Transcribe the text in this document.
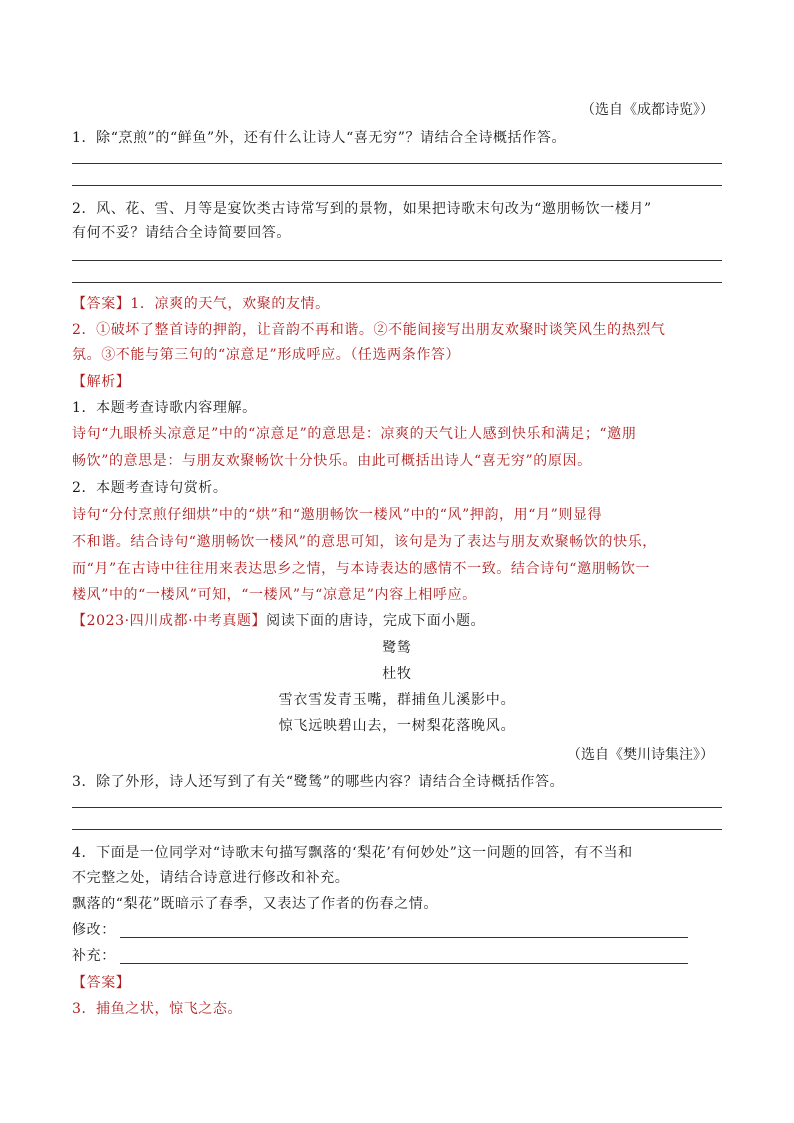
（选自《成都诗览》）
1．除“烹煎”的“鲜鱼”外，还有什么让诗人“喜无穷”？请结合全诗概括作答。
2．风、花、雪、月等是宴饮类古诗常写到的景物，如果把诗歌末句改为“邀朋畅饮一楼月”
有何不妥？请结合全诗简要回答。
【答案】1．凉爽的天气，欢聚的友情。
2．①破坏了整首诗的押韵，让音韵不再和谐。②不能间接写出朋友欢聚时谈笑风生的热烈气
氛。③不能与第三句的“凉意足”形成呼应。（任选两条作答）
【解析】
1．本题考查诗歌内容理解。
诗句“九眼桥头凉意足”中的“凉意足”的意思是：凉爽的天气让人感到快乐和满足；“邀朋
畅饮”的意思是：与朋友欢聚畅饮十分快乐。由此可概括出诗人“喜无穷”的原因。
2．本题考查诗句赏析。
诗句“分付烹煎仔细烘”中的“烘”和“邀朋畅饮一楼风”中的“风”押韵，用“月”则显得
不和谐。结合诗句“邀朋畅饮一楼风”的意思可知，该句是为了表达与朋友欢聚畅饮的快乐，
而“月”在古诗中往往用来表达思乡之情，与本诗表达的感情不一致。结合诗句“邀朋畅饮一
楼风”中的“一楼风”可知，“一楼风”与“凉意足”内容上相呼应。
【2023·四川成都·中考真题】阅读下面的唐诗，完成下面小题。
鹭鸶
杜牧
雪衣雪发青玉嘴，群捕鱼儿溪影中。
惊飞远映碧山去，一树梨花落晚风。
（选自《樊川诗集注》）
3．除了外形，诗人还写到了有关“鹭鸶”的哪些内容？请结合全诗概括作答。
4．下面是一位同学对“诗歌末句描写飘落的‘梨花’有何妙处”这一问题的回答，有不当和
不完整之处，请结合诗意进行修改和补充。
飘落的“梨花”既暗示了春季，又表达了作者的伤春之情。
修改：
补充：
【答案】
3．捕鱼之状，惊飞之态。
